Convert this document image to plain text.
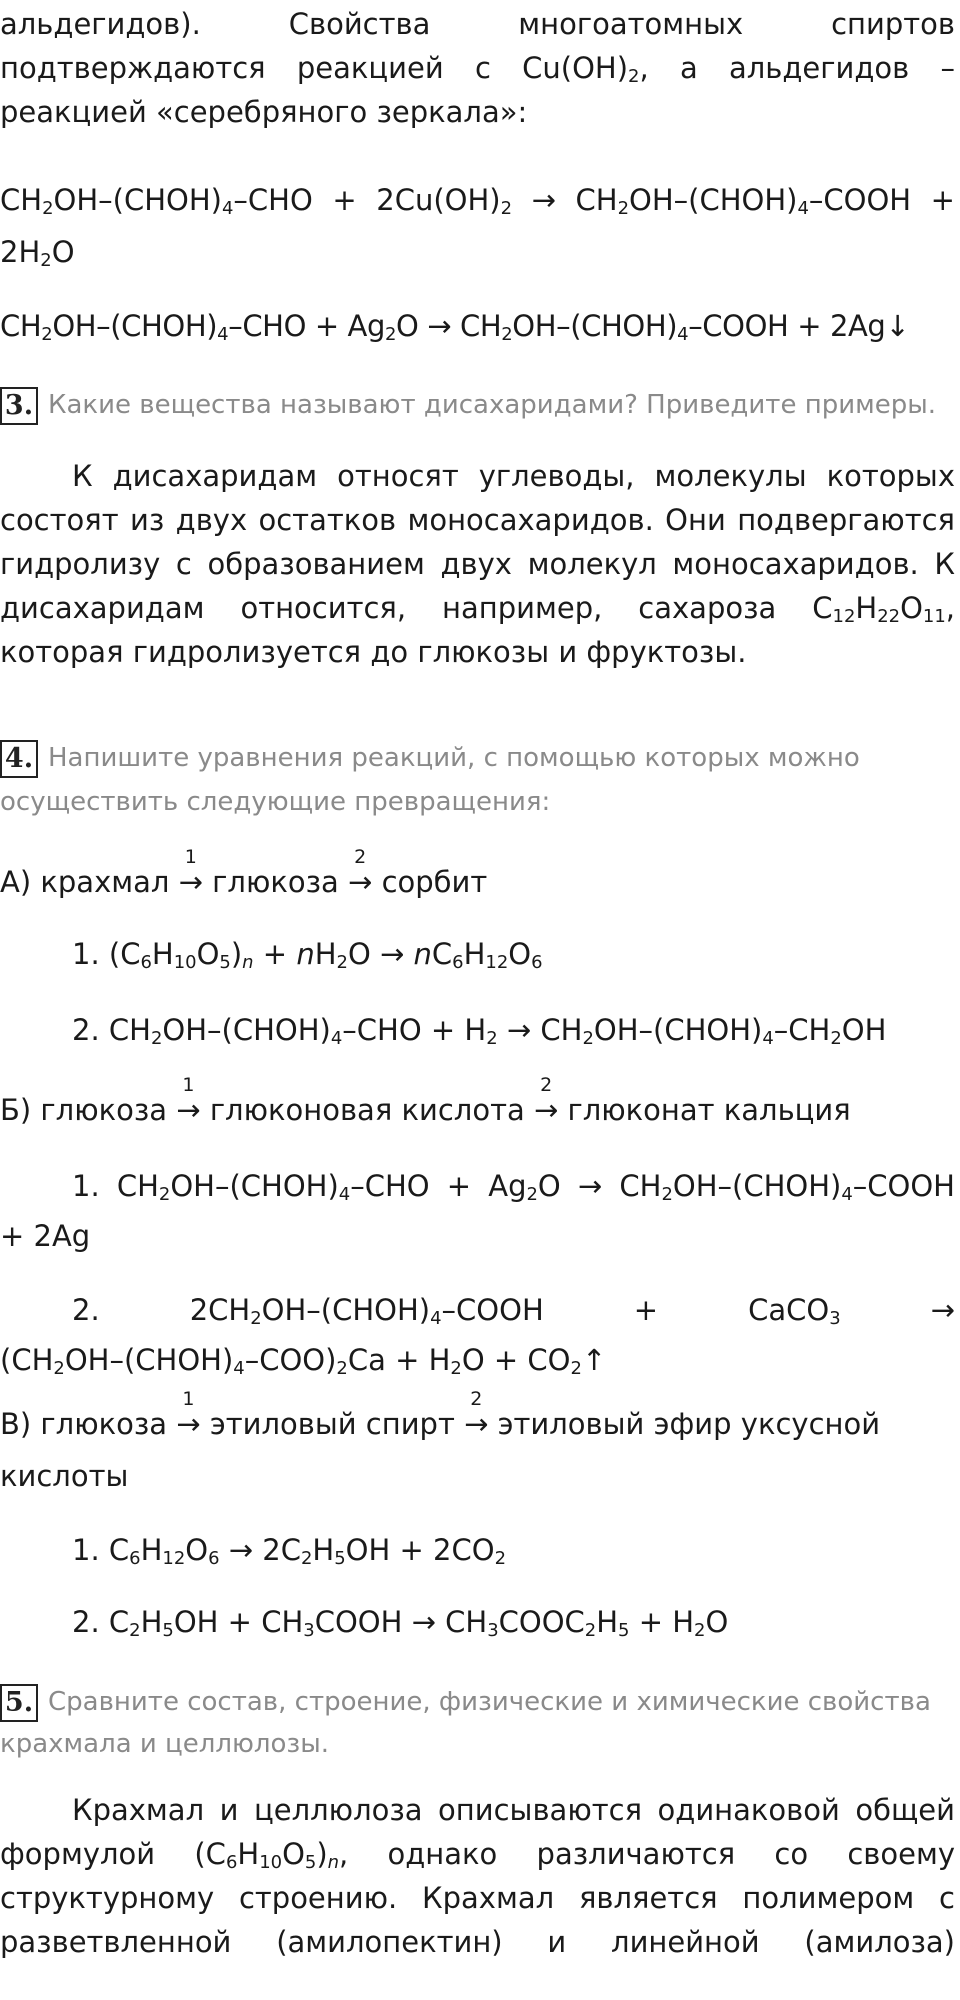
альдегидов). Свойства многоатомных спиртов

подтверждаются реакцией с $Cu(OH)_2$, а альдегидов –

реакцией «серебряного зеркала»:

$CH_2OH-(CHOH)_4$–CHO + $2Cu(OH)_2$ → $CH_2OH-(CHOH)_4$–COOH +

$2H_2O$

$CH_2OH-(CHOH)_4$–CHO + $Ag_2O$ → $CH_2OH-(CHOH)_4$–COOH + 2Ag↓

3. Какие вещества называют дисахаридами? Приведите примеры.

К дисахаридам относят углеводы, молекулы которых

состоят из двух остатков моносахаридов. Они подвергаются

гидролизу с образованием двух молекул моносахаридов. К

дисахаридам относится, например, сахароза $C_{12}H_{22}O_{11}$,

которая гидролизуется до глюкозы и фруктозы.

4. Напишите уравнения реакций, с помощью которых можно
осуществить следующие превращения:

А) крахмал
1
→ глюкоза
2
→ сорбит

1. $(C_6H_{10}O_5)_n + nH_2O \to nC_6H_{12}O_6$

2. $CH_2OH-(CHOH)_4$–CHO + $H_2$ → $CH_2OH-(CHOH)_4-CH_2OH$

Б) глюкоза
1
→ глюконовая кислота
2
→ глюконат кальция

1. $CH_2OH-(CHOH)_4$–CHO + $Ag_2O$ → $CH_2OH-(CHOH)_4$–COOH

+ 2Ag

2. $2CH_2OH-(CHOH)_4$–COOH + CaCO$_3$ →

$(CH_2OH-(CHOH)_4-COO)_2Ca + H_2O$ + $CO_2↑$

В) глюкоза
1
→ этиловый спирт
2
→ этиловый эфир уксусной

кислоты

1. $C_6H_{12}O_6 \to 2C_2H_5OH + 2CO_2$

2. $C_2H_5OH$ + $CH_3COOH$ → $CH_3COOC_2H_5 + H_2O$

5. Сравните состав, строение, физические и химические свойства
крахмала и целлюлозы.

Крахмал и целлюлоза описываются одинаковой общей

формулой $(C_6H_{10}O_5)_n$, однако различаются со своему

структурному строению. Крахмал является полимером с

разветвленной (амилопектин) и линейной (амилоза)
